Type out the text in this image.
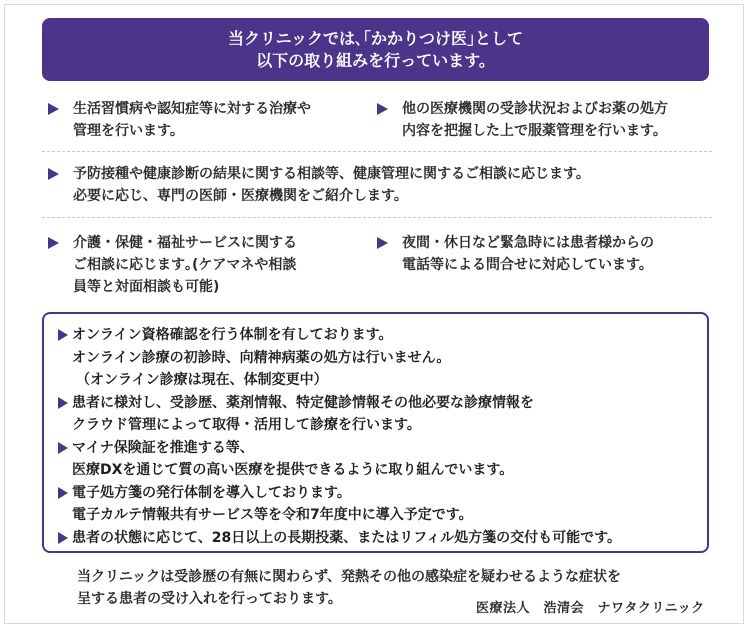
当クリニックでは､｢かかりつけ医｣として
以下の取り組みを行っています。
生活習慣病や認知症等に対する治療や
管理を行います。
他の医療機関の受診状況およびお薬の処方
内容を把握した上で服薬管理を行います。
予防接種や健康診断の結果に関する相談等、健康管理に関するご相談に応じます。
必要に応じ、専門の医師・医療機関をご紹介します。
介護・保健・福祉サービスに関する
ご相談に応じます｡(ケアマネや相談
員等と対面相談も可能)
夜間・休日など緊急時には患者様からの
電話等による問合せに対応しています。
オンライン資格確認を行う体制を有しております。
オンライン診療の初診時、向精神病薬の処方は行いません。
（オンライン診療は現在、体制変更中）
患者に様対し、受診歴、薬剤情報、特定健診情報その他必要な診療情報を
クラウド管理によって取得・活用して診療を行います。
マイナ保険証を推進する等、
医療DXを通じて質の高い医療を提供できるように取り組んでいます。
電子処方箋の発行体制を導入しております。
電子カルテ情報共有サービス等を令和7年度中に導入予定です。
患者の状態に応じて、28日以上の長期投薬、またはリフィル処方箋の交付も可能です。
当クリニックは受診歴の有無に関わらず、発熱その他の感染症を疑わせるような症状を
呈する患者の受け入れを行っております。
医療法人　浩清会　ナワタクリニック
